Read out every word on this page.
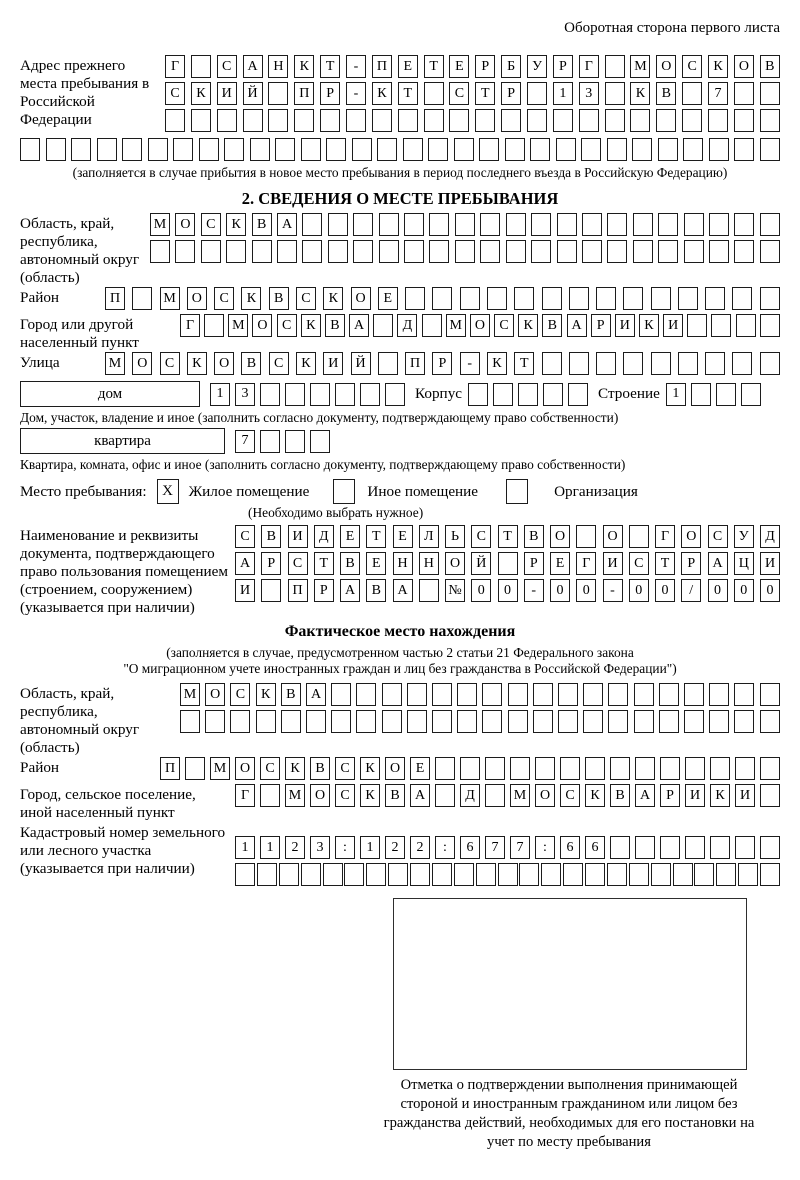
Оборотная сторона первого листа
Адрес прежнего места пребывания в Российской Федерации
Г	С	А	Н	К	Т	-	П	Е	Т	Е	Р	Б	У	Р	Г	М	О	С	К	О	В
С	К	И	Й	П	Р	-	К	Т	С	Т	Р	1	3	К	В	7
(заполняется в случае прибытия в новое место пребывания в период последнего въезда в Российскую Федерацию)
2. СВЕДЕНИЯ О МЕСТЕ ПРЕБЫВАНИЯ
Область, край, республика, автономный округ (область)
М	О	С	К	В	А
Район	П	М	О	С	К	В	С	К	О	Е
Город или другой населенный пункт
Г	М О	С	К	В	А	Д	М О	С	К	В	А	Р	И	К	И
Улица	М	О	С	К	О	В	С	К	И	Й	П	Р	-	К	Т
дом	1	3	Корпус	Строение 1
Дом, участок, владение и иное (заполнить согласно документу, подтверждающему право собственности)
квартира	7
Квартира, комната, офис и иное (заполнить согласно документу, подтверждающему право собственности)
Место пребывания:	X	Жилое помещение	Иное помещение	Организация
(Необходимо выбрать нужное)
Наименование и реквизиты документа, подтверждающего право пользования помещением (строением, сооружением) (указывается при наличии)
С	В	И	Д	Е	Т	Е	Л	Ь	С	Т	В	О	О	Г	О	С	У	Д
А	Р	С	Т	В	Е	Н	Н	О	Й	Р	Е	Г	И	С	Т	Р	А	Ц	И
И	П	Р	А	В	А	№	0	0	-	0	0	-	0	0	/	0	0	0
Фактическое место нахождения
(заполняется в случае, предусмотренном частью 2 статьи 21 Федерального закона
"О миграционном учете иностранных граждан и лиц без гражданства в Российской Федерации")
Область, край, республика, автономный округ (область)
М О	С	К	В	А
Район	П	М О	С	К	В	С	К	О	Е
Город, сельское поселение, иной населенный пункт
Г	М О	С	К	В	А	Д	М О	С	К	В	А	Р	И	К	И
Кадастровый номер земельного или лесного участка (указывается при наличии)
1	1	2	3	:	1	2	2	:	6	7	7	:	6	6
Отметка о подтверждении выполнения принимающей стороной и иностранным гражданином или лицом без гражданства действий, необходимых для его постановки на учет по месту пребывания
